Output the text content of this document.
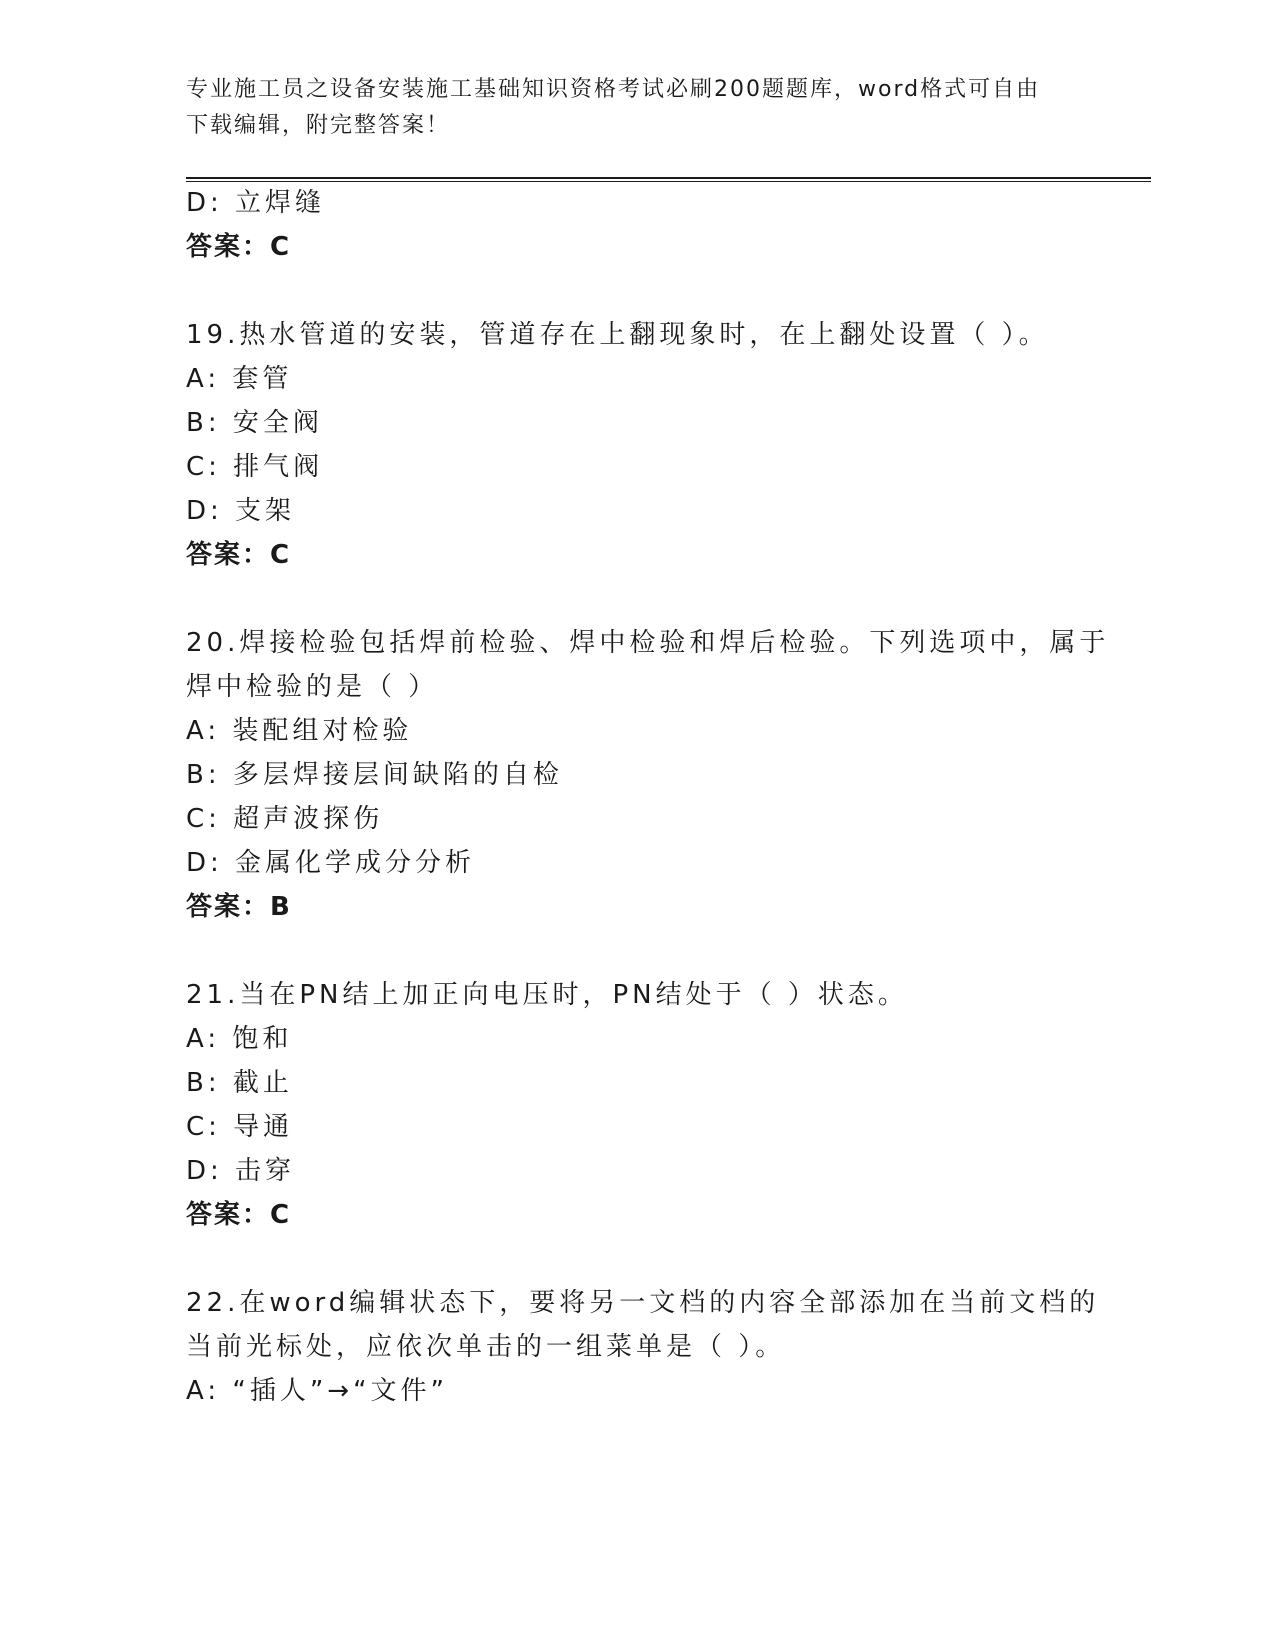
专业施工员之设备安装施工基础知识资格考试必刷200题题库，word格式可自由
下载编辑，附完整答案！
D: 立焊缝
答案：C
19.热水管道的安装，管道存在上翻现象时，在上翻处设置（ ）。
A: 套管
B: 安全阀
C: 排气阀
D: 支架
答案：C
20.焊接检验包括焊前检验、焊中检验和焊后检验。下列选项中，属于
焊中检验的是（ ）
A: 装配组对检验
B: 多层焊接层间缺陷的自检
C: 超声波探伤
D: 金属化学成分分析
答案：B
21.当在PN结上加正向电压时，PN结处于（ ）状态。
A: 饱和
B: 截止
C: 导通
D: 击穿
答案：C
22.在word编辑状态下，要将另一文档的内容全部添加在当前文档的
当前光标处，应依次单击的一组菜单是（ ）。
A: “插人”→“文件”
